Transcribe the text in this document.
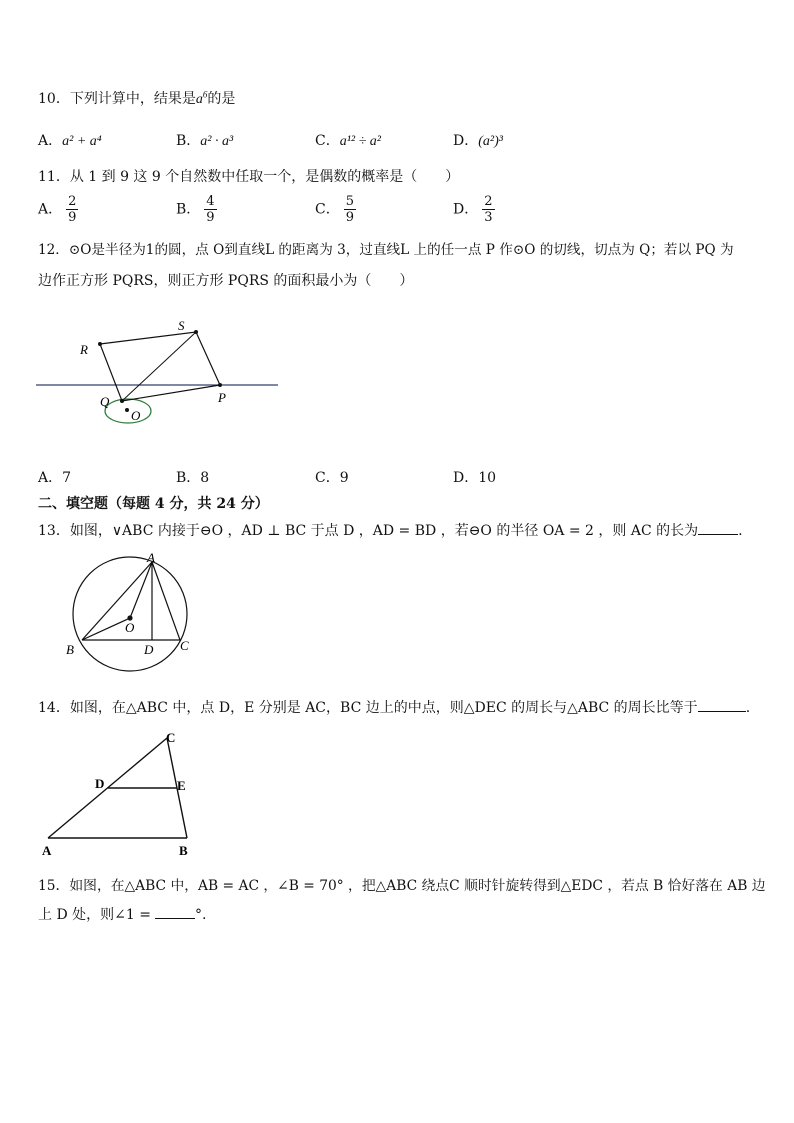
10．下列计算中，结果是$a^6$的是
A．a² + a⁴	B．a² · a³	C．a¹² ÷ a²	D．(a²)³
11．从 1 到 9 这 9 个自然数中任取一个，是偶数的概率是（　　）
A． $\frac{2}{9}$	B． $\frac{4}{9}$	C． $\frac{5}{9}$	D． $\frac{2}{3}$
12．⊙O是半径为1的圆，点 O到直线L 的距离为 3，过直线L 上的任一点 P 作⊙O 的切线，切点为 Q；若以 PQ 为
边作正方形 PQRS，则正方形 PQRS 的面积最小为（　　）
R
S
P
Q
O
A．7	B．8	C．9	D．10
二、填空题（每题 4 分，共 24 分）
13．如图，∨ABC 内接于⊖O ，AD ⊥ BC 于点 D ，AD = BD ，若⊖O 的半径 OA = 2 ，则 AC 的长为	.
A
O
B	D C
14．如图，在△ABC 中，点 D，E 分别是 AC，BC 边上的中点，则△DEC 的周长与△ABC 的周长比等于	.
C
D	E
A	B
15．如图，在△ABC 中，AB = AC ，∠B = 70° ，把△ABC 绕点C 顺时针旋转得到△EDC ，若点 B 恰好落在 AB 边
上 D 处，则∠1 =	°.
